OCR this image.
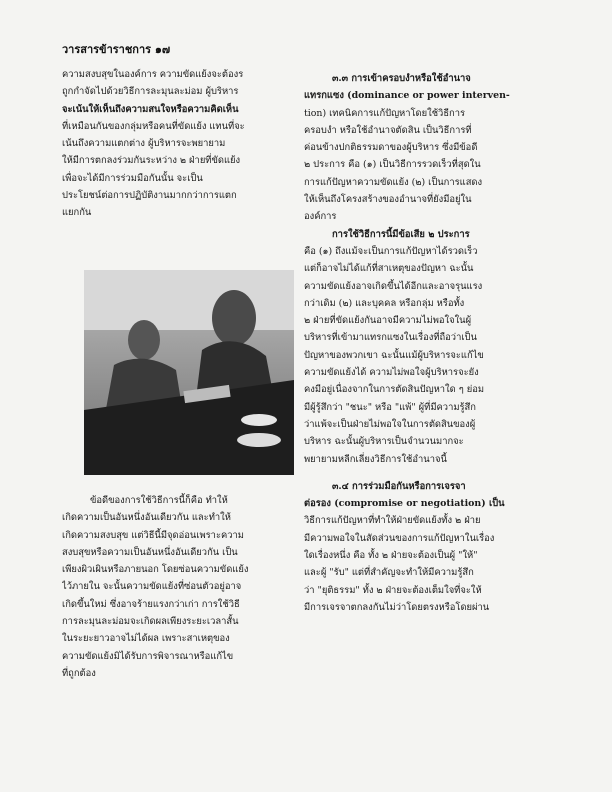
วารสารข้าราชการ ๑๗
ความสงบสุขในองค์การ ความขัดแย้งจะต้องร
ถูกกำจัดไปด้วยวิธีการละมุนละม่อม ผู้บริหาร
จะเน้นให้เห็นถึงความสนใจหรือความคิดเห็น
ที่เหมือนกันของกลุ่มหรือคนที่ขัดแย้ง แทนที่จะ
เน้นถึงความแตกต่าง ผู้บริหารจะพยายาม
ให้มีการตกลงร่วมกันระหว่าง ๒ ฝ่ายที่ขัดแย้ง
เพื่อจะได้มีการร่วมมือกันนั้น จะเป็น
ประโยชน์ต่อการปฏิบัติงานมากกว่าการแตก
แยกกัน
ข้อดีของการใช้วิธีการนี้ก็คือ ทำให้
เกิดความเป็นอันหนึ่งอันเดียวกัน และทำให้
เกิดความสงบสุข แต่วิธีนี้มีจุดอ่อนเพราะความ
สงบสุขหรือความเป็นอันหนึ่งอันเดียวกัน เป็น
เพียงผิวเผินหรือภายนอก โดยซ่อนความขัดแย้ง
ไว้ภายใน จะนั้นความขัดแย้งที่ซ่อนตัวอยู่อาจ
เกิดขึ้นใหม่ ซึ่งอาจร้ายแรงกว่าเก่า การใช้วิธี
การละมุนละม่อมจะเกิดผลเพียงระยะเวลาสั้น
ในระยะยาวอาจไม่ได้ผล เพราะสาเหตุของ
ความขัดแย้งมิได้รับการพิจารณาหรือแก้ไข
ที่ถูกต้อง
๓.๓ การเข้าครอบงำหรือใช้อำนาจ
แทรกแซง (dominance or power interven-
tion) เทคนิคการแก้ปัญหาโดยใช้วิธีการ
ครอบงำ หรือใช้อำนาจตัดสิน เป็นวิธีการที่
ค่อนข้างปกติธรรมดาของผู้บริหาร ซึ่งมีข้อดี
๒ ประการ คือ (๑) เป็นวิธีการรวดเร็วที่สุดใน
การแก้ปัญหาความขัดแย้ง (๒) เป็นการแสดง
ให้เห็นถึงโครงสร้างของอำนาจที่ยังมีอยู่ใน
องค์การ
การใช้วิธีการนี้มีข้อเสีย ๒ ประการ
คือ (๑) ถึงแม้จะเป็นการแก้ปัญหาได้รวดเร็ว
แต่ก็อาจไม่ได้แก้ที่สาเหตุของปัญหา ฉะนั้น
ความขัดแย้งอาจเกิดขึ้นได้อีกและอาจรุนแรง
กว่าเดิม (๒) และบุคคล หรือกลุ่ม หรือทั้ง
๒ ฝ่ายที่ขัดแย้งกันอาจมีความไม่พอใจในผู้
บริหารที่เข้ามาแทรกแซงในเรื่องที่ถือว่าเป็น
ปัญหาของพวกเขา ฉะนั้นแม้ผู้บริหารจะแก้ไข
ความขัดแย้งได้ ความไม่พอใจผู้บริหารจะยัง
คงมีอยู่เนื่องจากในการตัดสินปัญหาใด ๆ ย่อม
มีผู้รู้สึกว่า "ชนะ" หรือ "แพ้" ผู้ที่มีความรู้สึก
ว่าแพ้จะเป็นฝ่ายไม่พอใจในการตัดสินของผู้
บริหาร ฉะนั้นผู้บริหารเป็นจำนวนมากจะ
พยายามหลีกเลี่ยงวิธีการใช้อำนาจนี้
๓.๔ การร่วมมือกันหรือการเจรจา
ต่อรอง (compromise or negotiation) เป็น
วิธีการแก้ปัญหาที่ทำให้ฝ่ายขัดแย้งทั้ง ๒ ฝ่าย
มีความพอใจในสัดส่วนของการแก้ปัญหาในเรื่อง
ใดเรื่องหนึ่ง คือ ทั้ง ๒ ฝ่ายจะต้องเป็นผู้ "ให้"
และผู้ "รับ" แต่ที่สำคัญจะทำให้มีความรู้สึก
ว่า "ยุติธรรม" ทั้ง ๒ ฝ่ายจะต้องเต็มใจที่จะให้
มีการเจรจาตกลงกันไม่ว่าโดยตรงหรือโดยผ่าน
